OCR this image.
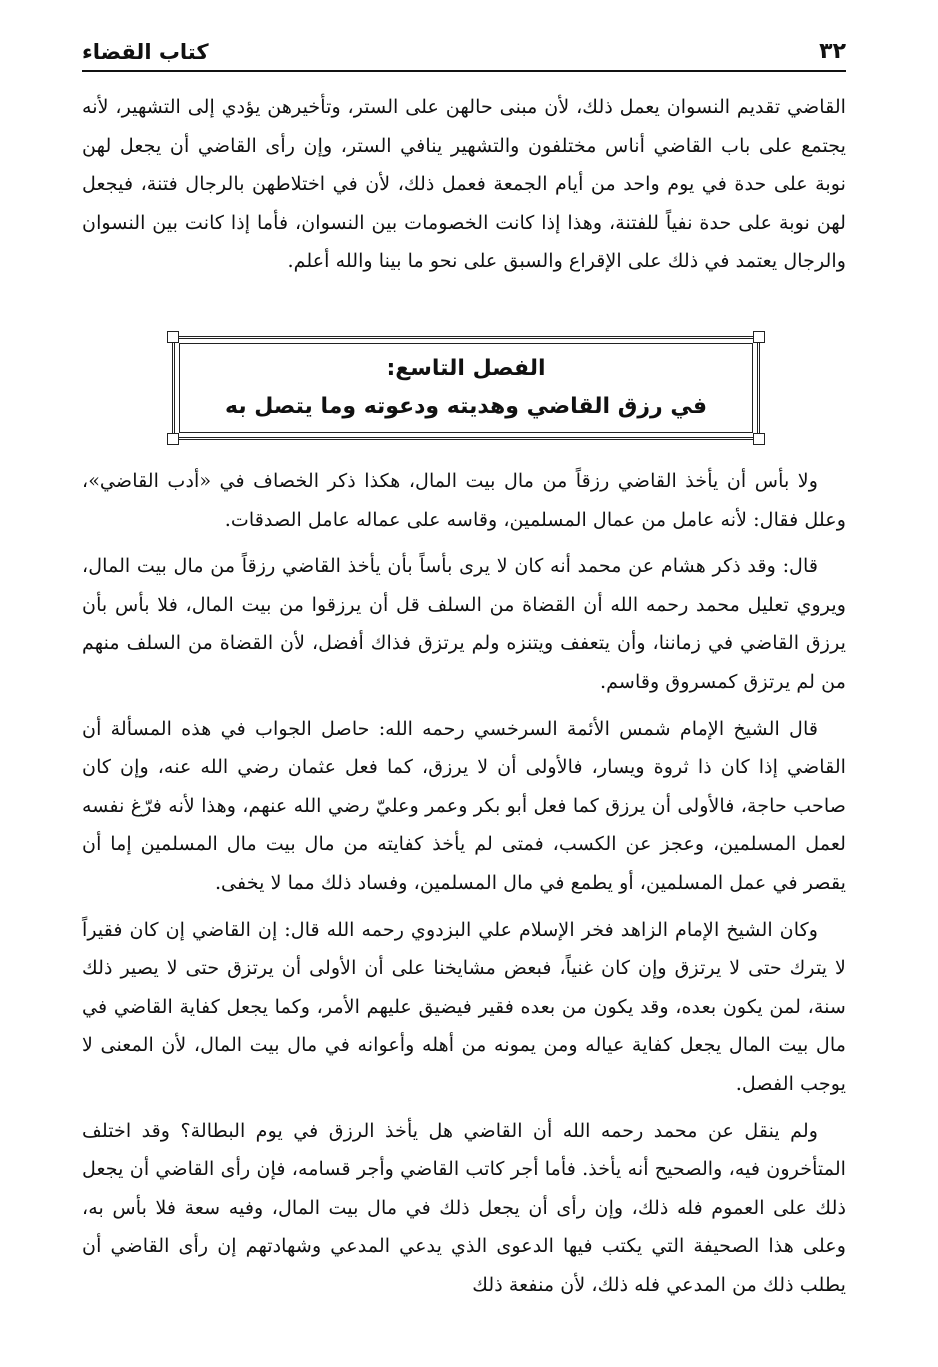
٣٢
كتاب القضاء

القاضي تقديم النسوان يعمل ذلك، لأن مبنى حالهن على الستر، وتأخيرهن يؤدي إلى التشهير، لأنه يجتمع على باب القاضي أناس مختلفون والتشهير ينافي الستر، وإن رأى القاضي أن يجعل لهن نوبة على حدة في يوم واحد من أيام الجمعة فعمل ذلك، لأن في اختلاطهن بالرجال فتنة، فيجعل لهن نوبة على حدة نفياً للفتنة، وهذا إذا كانت الخصومات بين النسوان، فأما إذا كانت بين النسوان والرجال يعتمد في ذلك على الإقراع والسبق على نحو ما بينا والله أعلم.

الفصل التاسع:
في رزق القاضي وهديته ودعوته وما يتصل به

ولا بأس أن يأخذ القاضي رزقاً من مال بيت المال، هكذا ذكر الخصاف في «أدب القاضي»، وعلل فقال: لأنه عامل من عمال المسلمين، وقاسه على عماله عامل الصدقات.

قال: وقد ذكر هشام عن محمد أنه كان لا يرى بأساً بأن يأخذ القاضي رزقاً من مال بيت المال، ويروي تعليل محمد رحمه الله أن القضاة من السلف قل أن يرزقوا من بيت المال، فلا بأس بأن يرزق القاضي في زماننا، وأن يتعفف ويتنزه ولم يرتزق فذاك أفضل، لأن القضاة من السلف منهم من لم يرتزق كمسروق وقاسم.

قال الشيخ الإمام شمس الأئمة السرخسي رحمه الله: حاصل الجواب في هذه المسألة أن القاضي إذا كان ذا ثروة ويسار، فالأولى أن لا يرزق، كما فعل عثمان رضي الله عنه، وإن كان صاحب حاجة، فالأولى أن يرزق كما فعل أبو بكر وعمر وعليّ رضي الله عنهم، وهذا لأنه فرّغ نفسه لعمل المسلمين، وعجز عن الكسب، فمتى لم يأخذ كفايته من مال بيت مال المسلمين إما أن يقصر في عمل المسلمين، أو يطمع في مال المسلمين، وفساد ذلك مما لا يخفى.

وكان الشيخ الإمام الزاهد فخر الإسلام علي البزدوي رحمه الله قال: إن القاضي إن كان فقيراً لا يترك حتى لا يرتزق وإن كان غنياً، فبعض مشايخنا على أن الأولى أن يرتزق حتى لا يصير ذلك سنة، لمن يكون بعده، وقد يكون من بعده فقير فيضيق عليهم الأمر، وكما يجعل كفاية القاضي في مال بيت المال يجعل كفاية عياله ومن يمونه من أهله وأعوانه في مال بيت المال، لأن المعنى لا يوجب الفصل.

ولم ينقل عن محمد رحمه الله أن القاضي هل يأخذ الرزق في يوم البطالة؟ وقد اختلف المتأخرون فيه، والصحيح أنه يأخذ. فأما أجر كاتب القاضي وأجر قسامه، فإن رأى القاضي أن يجعل ذلك على العموم فله ذلك، وإن رأى أن يجعل ذلك في مال بيت المال، وفيه سعة فلا بأس به، وعلى هذا الصحيفة التي يكتب فيها الدعوى الذي يدعي المدعي وشهادتهم إن رأى القاضي أن يطلب ذلك من المدعي فله ذلك، لأن منفعة ذلك
